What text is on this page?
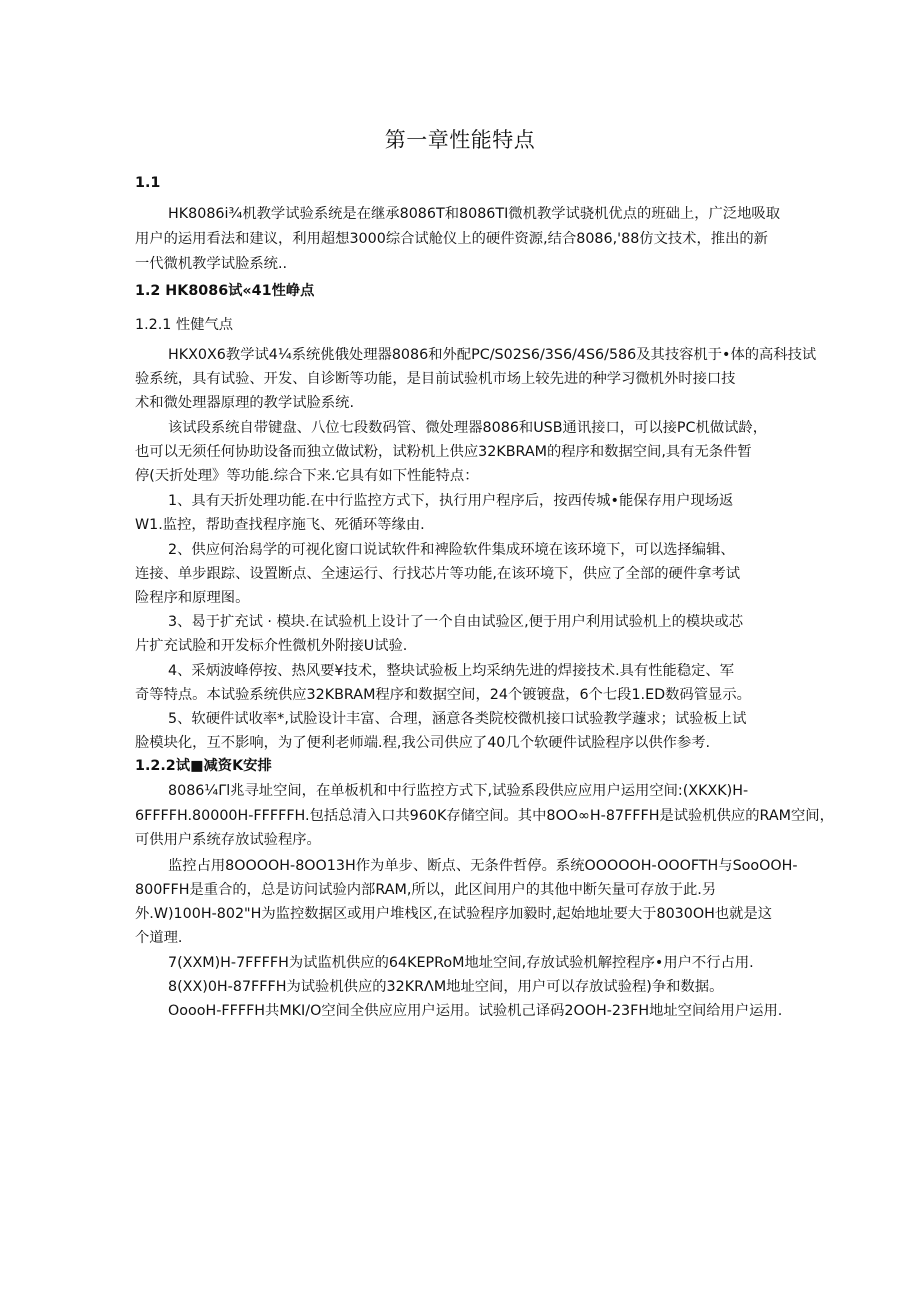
第一章性能特点
1.1
HK8086i¾机教学试验系统是在继承8086T和8086TI微机教学试骁机优点的班础上，广泛地吸取
用户的运用看法和建议，利用超想3000综合试舱仪上的硬件资源,结合8086,'88仿文技术，推出的新
一代微机教学试脸系统..
1.2 HK8086试«41性峥点
1.2.1 性健气点
HKX0X6教学试4¼系统佻俄处理器8086和外配PC/S02S6/3S6/4S6/586及其技容机于•体的高科技试
验系统，具有试验、开发、自诊断等功能，是目前试验机市场上较先进的种学习微机外时接口技
术和微处理器原理的教学试脸系统.
该试段系统自带键盘、八位七段数码管、微处理器8086和USB通讯接口，可以接PC机做试龄，
也可以无须任何协助设备而独立做试粉，试粉机上供应32KBRAM的程序和数据空间,具有无条件暂
停(天折处理》等功能.综合下来.它具有如下性能特点：
1、具有天折处理功能.在中行监控方式下，执行用户程序后，按西传城•能保存用户现场返
W1.监控，帮助查找程序施飞、死循环等缘由.
2、供应何治舄学的可视化窗口说试软件和裨险软件集成环境在该环境下，可以选择编辑、
连接、单步跟踪、设置断点、全速运行、行找芯片等功能,在该环境下，供应了全部的硬件拿考试
险程序和原理图。
3、曷于扩充试 · 模块.在试验机上设计了一个自由试验区,便于用户利用试验机上的模块或芯
片扩充试脸和开发标介性微机外附接U试验.
4、采炳波峰停按、热风要¥技术，整块试验板上均采纳先进的焊接技术.具有性能稳定、军
奇等特点。本试验系统供应32KBRAM程序和数据空间，24个镀镀盘，6个七段1.ED数码管显示。
5、软硬件试收率*,试脸设计丰富、合理，涵意各类院校微机接口试验教学蘧求；试验板上试
脸模块化，互不影响，为了便利老师端.程,我公司供应了40几个软硬件试脸程序以供作参考.
1.2.2试■减资K安排
8086¼Γl兆寻址空间，在单板机和中行监控方式下,试验系段供应应用户运用空间:(XKXK)H-
6FFFFH.80000H-FFFFFH.包括总清入口共960K存储空间。其中8OO∞H-87FFFH是试验机供应的RAM空间，
可供用户系统存放试验程序。
监控占用8OOOOH-8OO13H作为单步、断点、无条件哲停。系统OOOOOH-OOOFTH与SooOOH-
800FFH是重合的，总是访问试验内部RAM,所以，此区间用户的其他中断矢量可存放于此.另
外.W)100H-802"H为监控数据区或用户堆栈区,在试验程序加毅时,起始地址要大于8030OH也就是这
个道理.
7(XXM)H-7FFFFH为试监机供应的64KEPRoM地址空间,存放试验机解控程序•用户不行占用.
8(XX)0H-87FFFH为试验机供应的32KRΛM地址空间，用户可以存放试验程)争和数据。
OoooH-FFFFH共MKI/O空间全供应应用户运用。试验机己译码2OOH-23FH地址空间给用户运用.
